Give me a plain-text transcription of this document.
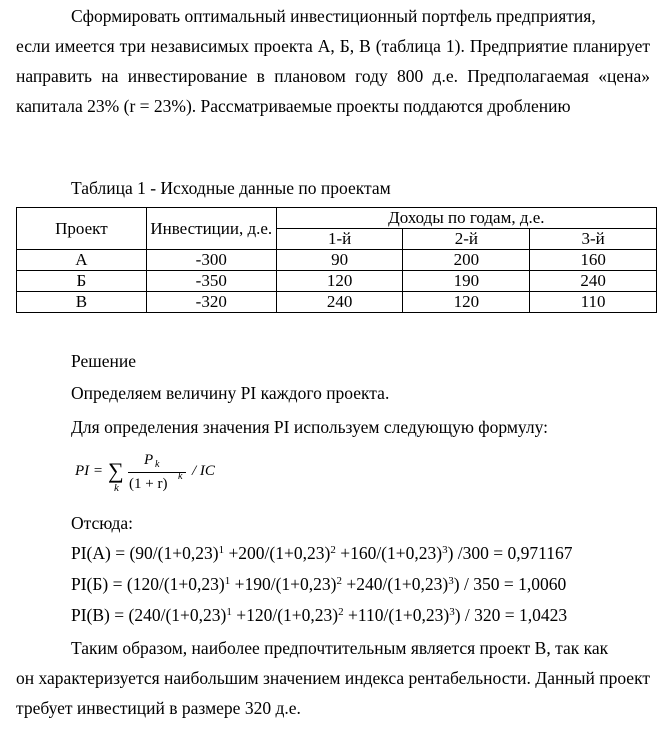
Сформировать оптимальный инвестиционный портфель предприятия,
если имеется три независимых проекта А, Б, В (таблица 1). Предприятие планирует направить на инвестирование в плановом году 800 д.е. Предполагаемая «цена» капитала 23% (r = 23%). Рассматриваемые проекты поддаются дроблению
Таблица 1 - Исходные данные по проектам
Проект	Инвестиции, д.е.	Доходы по годам, д.е.		
		1-й	2-й	3-й
А	-300	90	200	160
Б	-350	120	190	240
В	-320	240	120	110
Решение
Определяем величину PI каждого проекта.
Для определения значения PI используем следующую формулу:
PI = ∑
k
P k
(1 + r) k / IC
Отсюда:
$PI(А) = (90/(1+0,23)^1 +200/(1+0,23)^2 +160/(1+0,23)^3) /300 = 0,971167$
$PI(Б) = (120/(1+0,23)^1 +190/(1+0,23)^2 +240/(1+0,23)^3) / 350 = 1,0060$
$PI(В) = (240/(1+0,23)^1 +120/(1+0,23)^2 +110/(1+0,23)^3) / 320 = 1,0423$
Таким образом, наиболее предпочтительным является проект В, так как
он характеризуется наибольшим значением индекса рентабельности. Данный проект требует инвестиций в размере 320 д.е.
